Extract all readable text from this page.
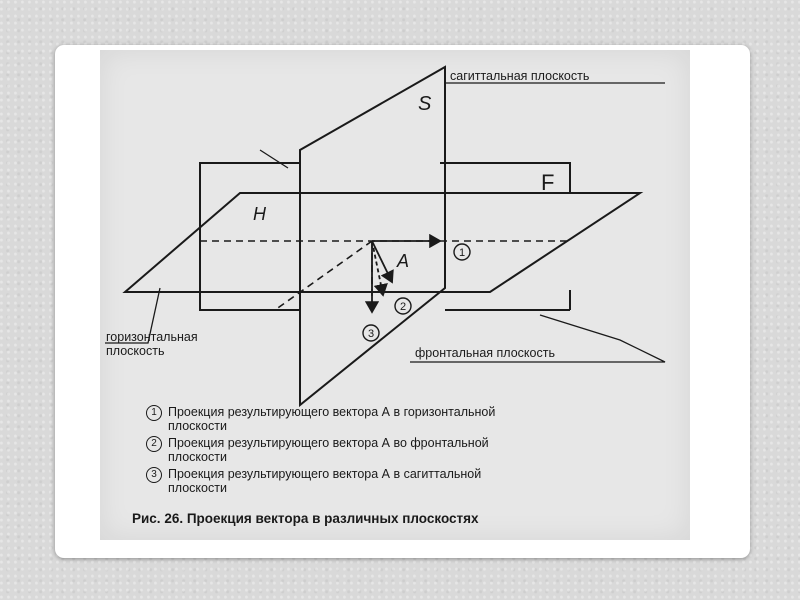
S
F
H
A	1
2
3
сагиттальная плоскость
фронтальная плоскость
горизонтальная плоскость
1 Проекция результирующего вектора А в горизонтальной плоскости
2 Проекция результирующего вектора А во фронтальной плоскости
3 Проекция результирующего вектора А в сагиттальной плоскости
Рис. 26. Проекция вектора в различных плоскостях
